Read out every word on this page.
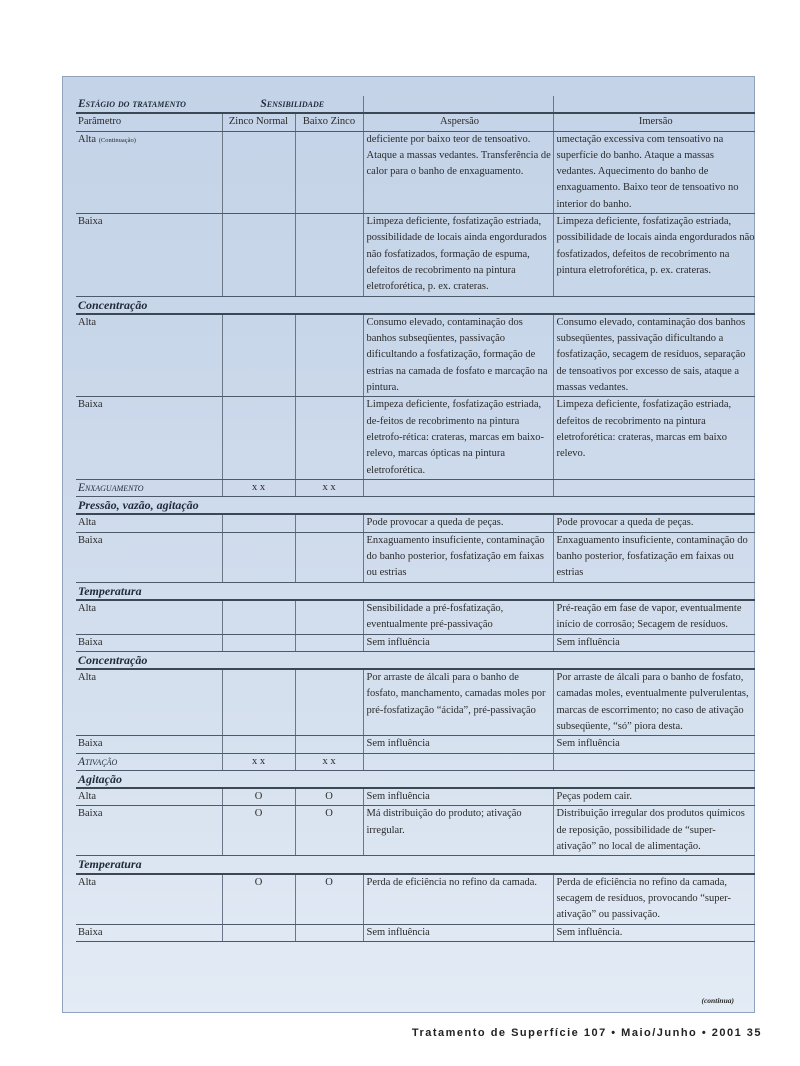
Estágio do tratamento	Sensibilidade			
Parâmetro	Zinco Normal	Baixo Zinco	Aspersão	Imersão
Alta (Continuação)			deficiente por baixo teor de tensoativo. Ataque a massas vedantes. Transferência de calor para o banho de enxaguamento.	umectação excessiva com tensoativo na superfície do banho. Ataque a massas vedantes. Aquecimento do banho de enxaguamento. Baixo teor de tensoativo no interior do banho.
Baixa			Limpeza deficiente, fosfatização estriada, possibilidade de locais ainda engordurados não fosfatizados, formação de espuma, defeitos de recobrimento na pintura eletroforética, p. ex. crateras.	Limpeza deficiente, fosfatização estriada, possibilidade de locais ainda engordurados não fosfatizados, defeitos de recobrimento na pintura eletroforética, p. ex. crateras.
Concentração				
Alta			Consumo elevado, contaminação dos banhos subseqüentes, passivação dificultando a fosfatização, formação de estrias na camada de fosfato e marcação na pintura.	Consumo elevado, contaminação dos banhos subseqüentes, passivação dificultando a fosfatização, secagem de resíduos, separação de tensoativos por excesso de sais, ataque a massas vedantes.
Baixa			Limpeza deficiente, fosfatização estriada, de-feitos de recobrimento na pintura eletrofo-rética: crateras, marcas em baixo-relevo, marcas ópticas na pintura eletroforética.	Limpeza deficiente, fosfatização estriada, defeitos de recobrimento na pintura eletroforética: crateras, marcas em baixo relevo.
Enxaguamento	x x	x x		
Pressão, vazão, agitação				
Alta			Pode provocar a queda de peças.	Pode provocar a queda de peças.
Baixa			Enxaguamento insuficiente, contaminação do banho posterior, fosfatização em faixas ou estrias	Enxaguamento insuficiente, contaminação do banho posterior, fosfatização em faixas ou estrias
Temperatura				
Alta			Sensibilidade a pré-fosfatização, eventualmente pré-passivação	Pré-reação em fase de vapor, eventualmente início de corrosão; Secagem de resíduos.
Baixa			Sem influência	Sem influência
Concentração				
Alta			Por arraste de álcali para o banho de fosfato, manchamento, camadas moles por pré-fosfatização “ácida”, pré-passivação	Por arraste de álcali para o banho de fosfato, camadas moles, eventualmente pulverulentas, marcas de escorrimento; no caso de ativação subseqüente, “só” piora desta.
Baixa			Sem influência	Sem influência
Ativação	x x	x x		
Agitação				
Alta	O	O	Sem influência	Peças podem cair.
Baixa	O	O	Má distribuição do produto; ativação irregular.	Distribuição irregular dos produtos químicos de reposição, possibilidade de “super-ativação” no local de alimentação.
Temperatura				
Alta	O	O	Perda de eficiência no refino da camada.	Perda de eficiência no refino da camada, secagem de resíduos, provocando “super-ativação” ou passivação.
Baixa			Sem influência	Sem influência.
(continua)
Tratamento de Superfície 107 • Maio/Junho • 2001 35
